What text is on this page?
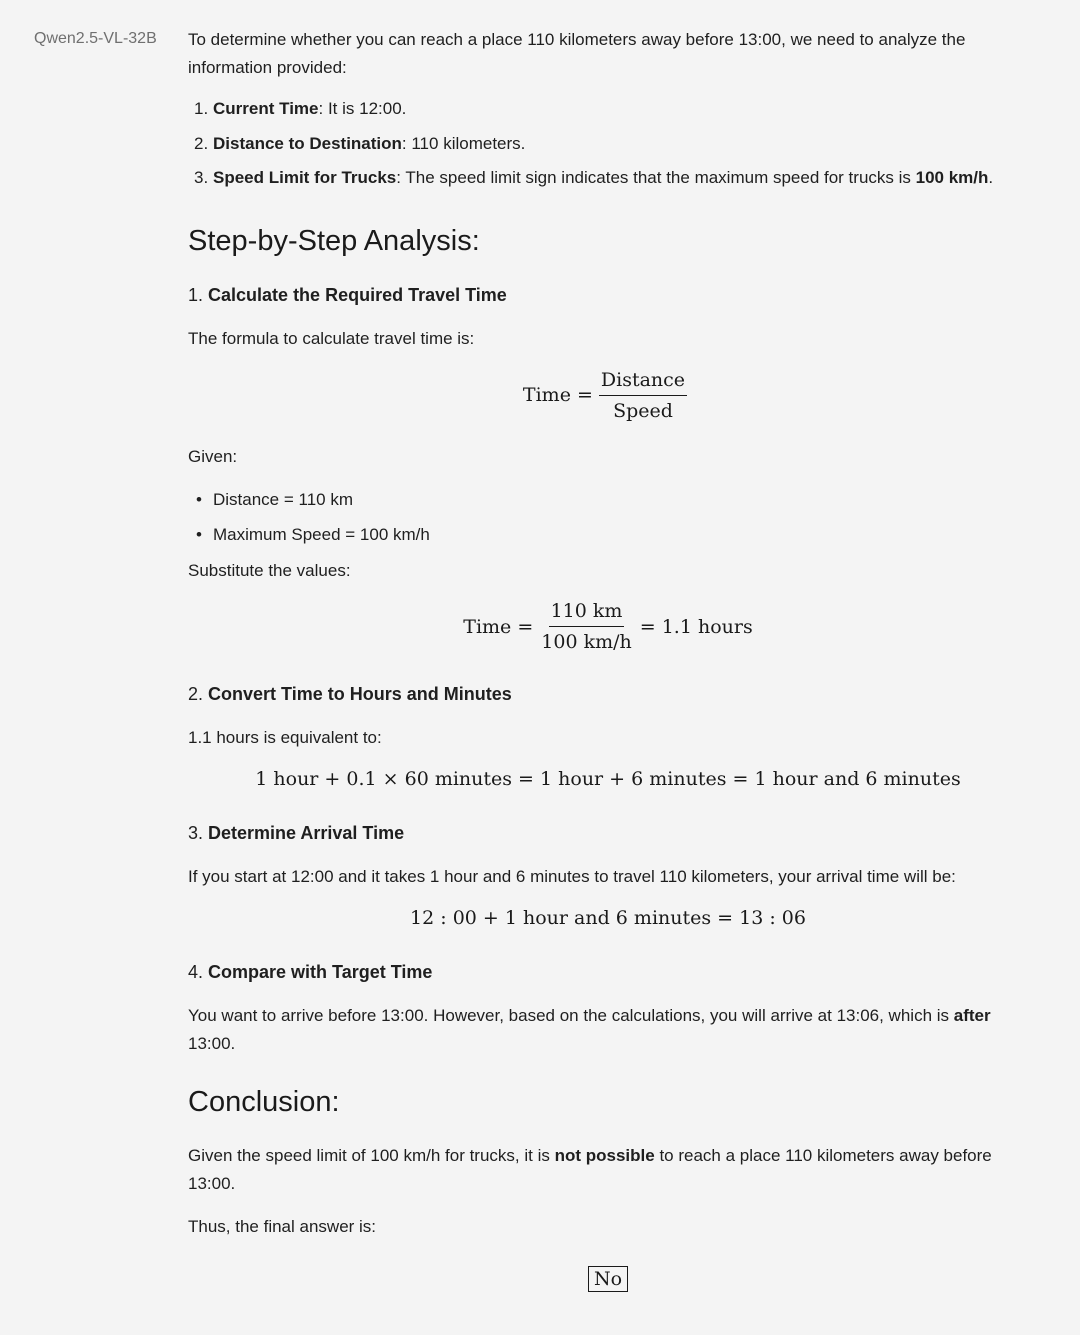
Qwen2.5-VL-32B To determine whether you can reach a place 110 kilometers away before 13:00, we need to analyze the information provided:

1. Current Time: It is 12:00.
2. Distance to Destination: 110 kilometers.
3. Speed Limit for Trucks: The speed limit sign indicates that the maximum speed for trucks is 100 km/h.
Step-by-Step Analysis:
1. Calculate the Required Travel Time

The formula to calculate travel time is:

Time = $\frac{\text{Distance}}{\text{Speed}}$

Given:

• Distance = 110 km
• Maximum Speed = 100 km/h

Substitute the values:

Time = $\frac{110 km}{100 km/h} = 1.1$ hours
2. Convert Time to Hours and Minutes

1.1 hours is equivalent to:

1 hour + 0.1 × 60 minutes = 1 hour + 6 minutes = 1 hour and 6 minutes
3. Determine Arrival Time

If you start at 12:00 and it takes 1 hour and 6 minutes to travel 110 kilometers, your arrival time will be:

12 : 00 + 1 hour and 6 minutes = 13 : 06
4. Compare with Target Time

You want to arrive before 13:00. However, based on the calculations, you will arrive at 13:06, which is after 13:00.

Conclusion:

Given the speed limit of 100 km/h for trucks, it is not possible to reach a place 110 kilometers away before 13:00.

Thus, the final answer is:

No
